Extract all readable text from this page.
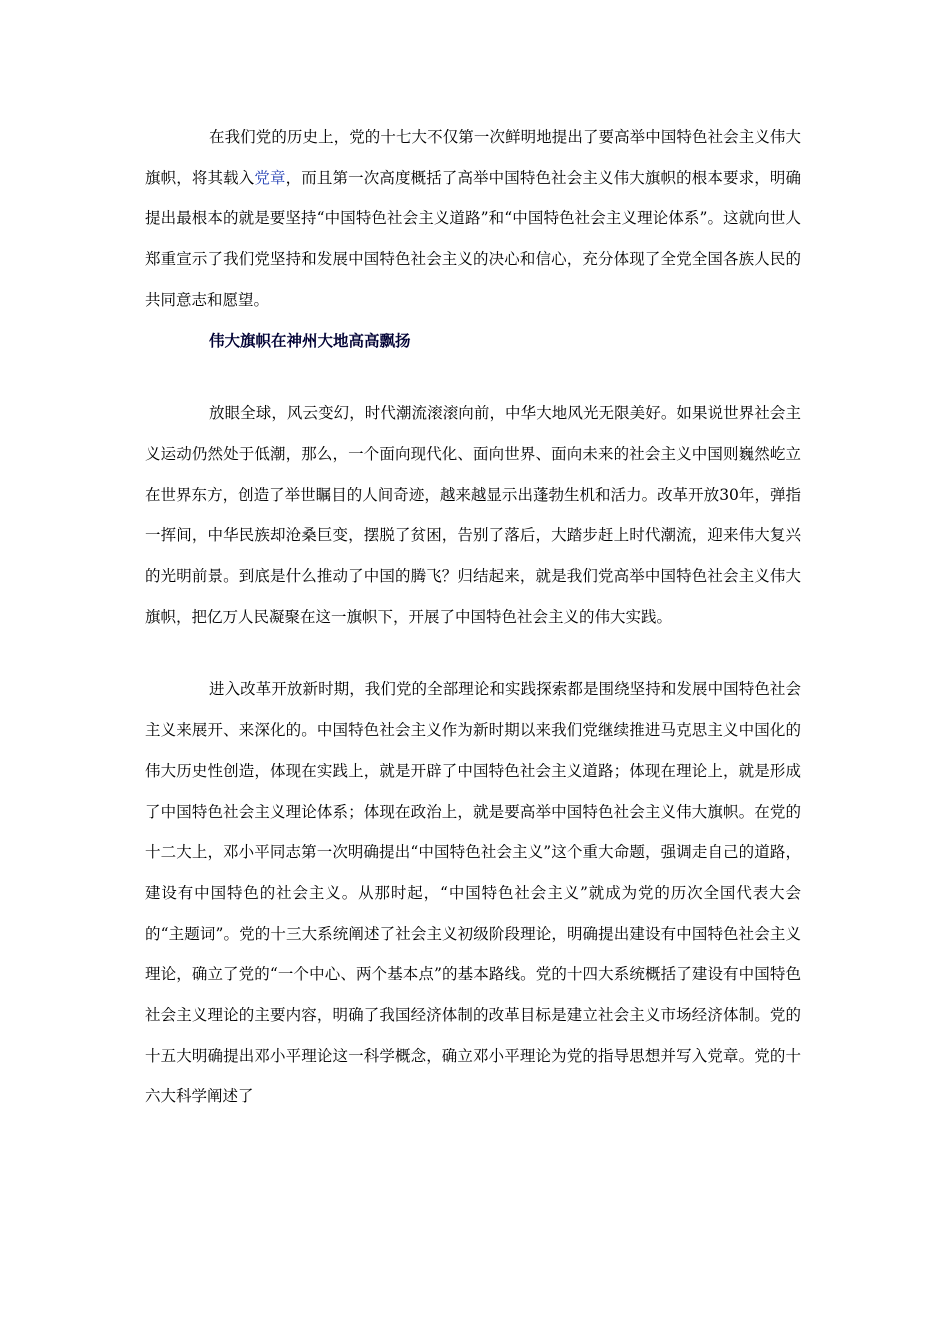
在我们党的历史上，党的十七大不仅第一次鲜明地提出了要高举中国特色社会主义伟大旗帜，将其载入党章，而且第一次高度概括了高举中国特色社会主义伟大旗帜的根本要求，明确提出最根本的就是要坚持“中国特色社会主义道路”和“中国特色社会主义理论体系”。这就向世人郑重宣示了我们党坚持和发展中国特色社会主义的决心和信心，充分体现了全党全国各族人民的共同意志和愿望。

伟大旗帜在神州大地高高飘扬

放眼全球，风云变幻，时代潮流滚滚向前，中华大地风光无限美好。如果说世界社会主义运动仍然处于低潮，那么，一个面向现代化、面向世界、面向未来的社会主义中国则巍然屹立在世界东方，创造了举世瞩目的人间奇迹，越来越显示出蓬勃生机和活力。改革开放30年，弹指一挥间，中华民族却沧桑巨变，摆脱了贫困，告别了落后，大踏步赶上时代潮流，迎来伟大复兴的光明前景。到底是什么推动了中国的腾飞？归结起来，就是我们党高举中国特色社会主义伟大旗帜，把亿万人民凝聚在这一旗帜下，开展了中国特色社会主义的伟大实践。

进入改革开放新时期，我们党的全部理论和实践探索都是围绕坚持和发展中国特色社会主义来展开、来深化的。中国特色社会主义作为新时期以来我们党继续推进马克思主义中国化的伟大历史性创造，体现在实践上，就是开辟了中国特色社会主义道路；体现在理论上，就是形成了中国特色社会主义理论体系；体现在政治上，就是要高举中国特色社会主义伟大旗帜。在党的十二大上，邓小平同志第一次明确提出“中国特色社会主义”这个重大命题，强调走自己的道路，建设有中国特色的社会主义。从那时起，“中国特色社会主义”就成为党的历次全国代表大会的“主题词”。党的十三大系统阐述了社会主义初级阶段理论，明确提出建设有中国特色社会主义理论，确立了党的“一个中心、两个基本点”的基本路线。党的十四大系统概括了建设有中国特色社会主义理论的主要内容，明确了我国经济体制的改革目标是建立社会主义市场经济体制。党的十五大明确提出邓小平理论这一科学概念，确立邓小平理论为党的指导思想并写入党章。党的十六大科学阐述了
